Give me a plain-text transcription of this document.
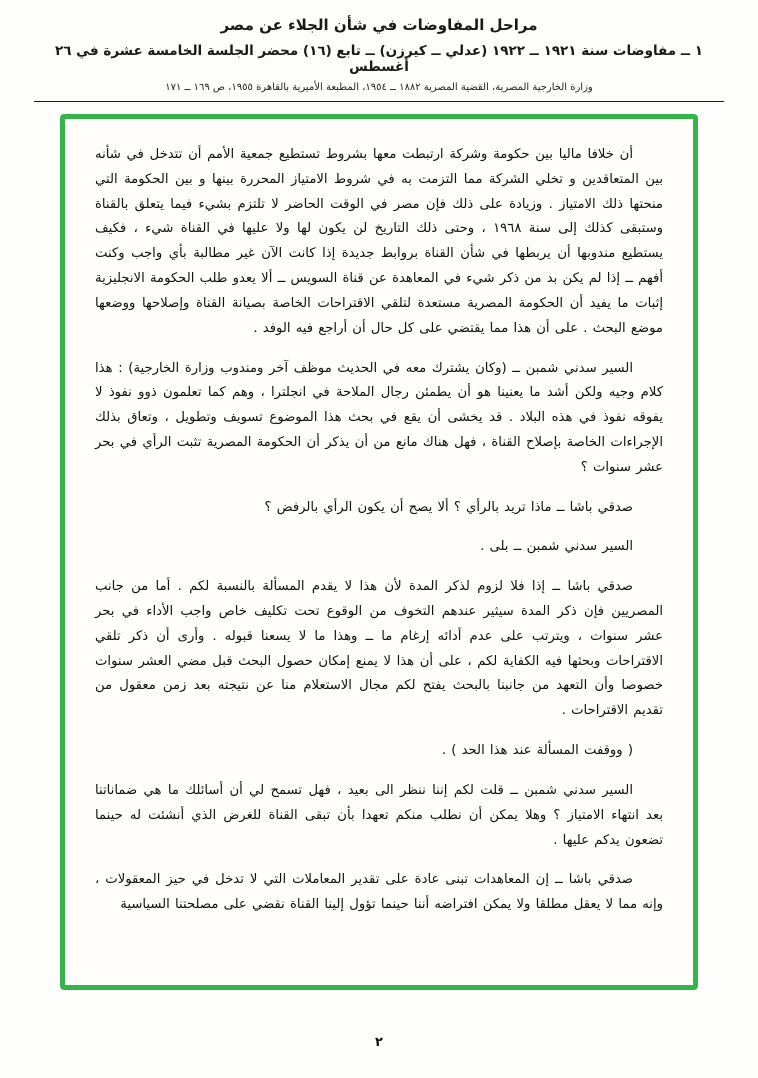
مراحل المفاوضات في شأن الجلاء عن مصر
١ ــ مفاوضات سنة ١٩٢١ ــ ١٩٢٢ (عدلي ــ كيرزن) ــ تابع (١٦) محضر الجلسة الخامسة عشرة في ٢٦ أغسطس
وزارة الخارجية المصرية، القضية المصرية ١٨٨٢ ــ ١٩٥٤، المطبعة الأميرية بالقاهرة ١٩٥٥، ص ١٦٩ ــ ١٧١

أن خلافا ماليا بين حكومة وشركة ارتبطت معها بشروط تستطيع جمعية الأمم أن تتدخل في شأنه بين المتعاقدين و تخلي الشركة مما التزمت به في شروط الامتياز المحررة بينها و بين الحكومة التي منحتها ذلك الامتياز . وزيادة على ذلك فإن مصر في الوقت الحاضر لا تلتزم بشيء فيما يتعلق بالقناة وستبقى كذلك إلى سنة ١٩٦٨ ، وحتى ذلك التاريخ لن يكون لها ولا عليها في القناة شيء ، فكيف يستطيع مندوبها أن يربطها في شأن القناة بروابط جديدة إذا كانت الآن غير مطالبة بأي واجب وكنت أفهم ــ إذا لم يكن بد من ذكر شيء في المعاهدة عن قناة السويس ــ ألا يعدو طلب الحكومة الانجليزية إثبات ما يفيد أن الحكومة المصرية مستعدة لتلقي الاقتراحات الخاصة بصيانة القناة وإصلاحها ووضعها موضع البحث . على أن هذا مما يقتضي على كل حال أن أراجع فيه الوفد .

السير سدني شمبن ــ (وكان يشترك معه في الحديث موظف آخر ومندوب وزارة الخارجية) : هذا كلام وجيه ولكن أشد ما يعنينا هو أن يطمئن رجال الملاحة في انجلترا ، وهم كما تعلمون ذوو نفوذ لا يفوقه نفوذ في هذه البلاد . قد يخشى أن يقع في بحث هذا الموضوع تسويف وتطويل ، وتعاق بذلك الإجراءات الخاصة بإصلاح القناة ، فهل هناك مانع من أن يذكر أن الحكومة المصرية تثبت الرأي في بحر عشر سنوات ؟

صدقي باشا ــ ماذا تريد بالرأي ؟ ألا يصح أن يكون الرأي بالرفض ؟

السير سدني شمبن ــ بلى .

صدقي باشا ــ إذا فلا لزوم لذكر المدة لأن هذا لا يقدم المسألة بالنسبة لكم . أما من جانب المصريين فإن ذكر المدة سيثير عندهم التخوف من الوقوع تحت تكليف خاص واجب الأداء في بحر عشر سنوات ، ويترتب على عدم أدائه إرغام ما ــ وهذا ما لا يسعنا قبوله . وأرى أن ذكر تلقي الاقتراحات وبحثها فيه الكفاية لكم ، على أن هذا لا يمنع إمكان حصول البحث قبل مضي العشر سنوات خصوصا وأن التعهد من جانبنا بالبحث يفتح لكم مجال الاستعلام منا عن نتيجته بعد زمن معقول من تقديم الاقتراحات .

( ووقفت المسألة عند هذا الحد ) .

السير سدني شمبن ــ قلت لكم إننا ننظر الى بعيد ، فهل تسمح لي أن أسائلك ما هي ضماناتنا بعد انتهاء الامتياز ؟ وهلا يمكن أن نطلب منكم تعهدا بأن تبقى القناة للغرض الذي أنشئت له حينما تضعون يدكم عليها .

صدقي باشا ــ إن المعاهدات تبنى عادة على تقدير المعاملات التي لا تدخل في حيز المعقولات ، وإنه مما لا يعقل مطلقا ولا يمكن افتراضه أننا حينما تؤول إلينا القناة نقضي على مصلحتنا السياسية

٢
